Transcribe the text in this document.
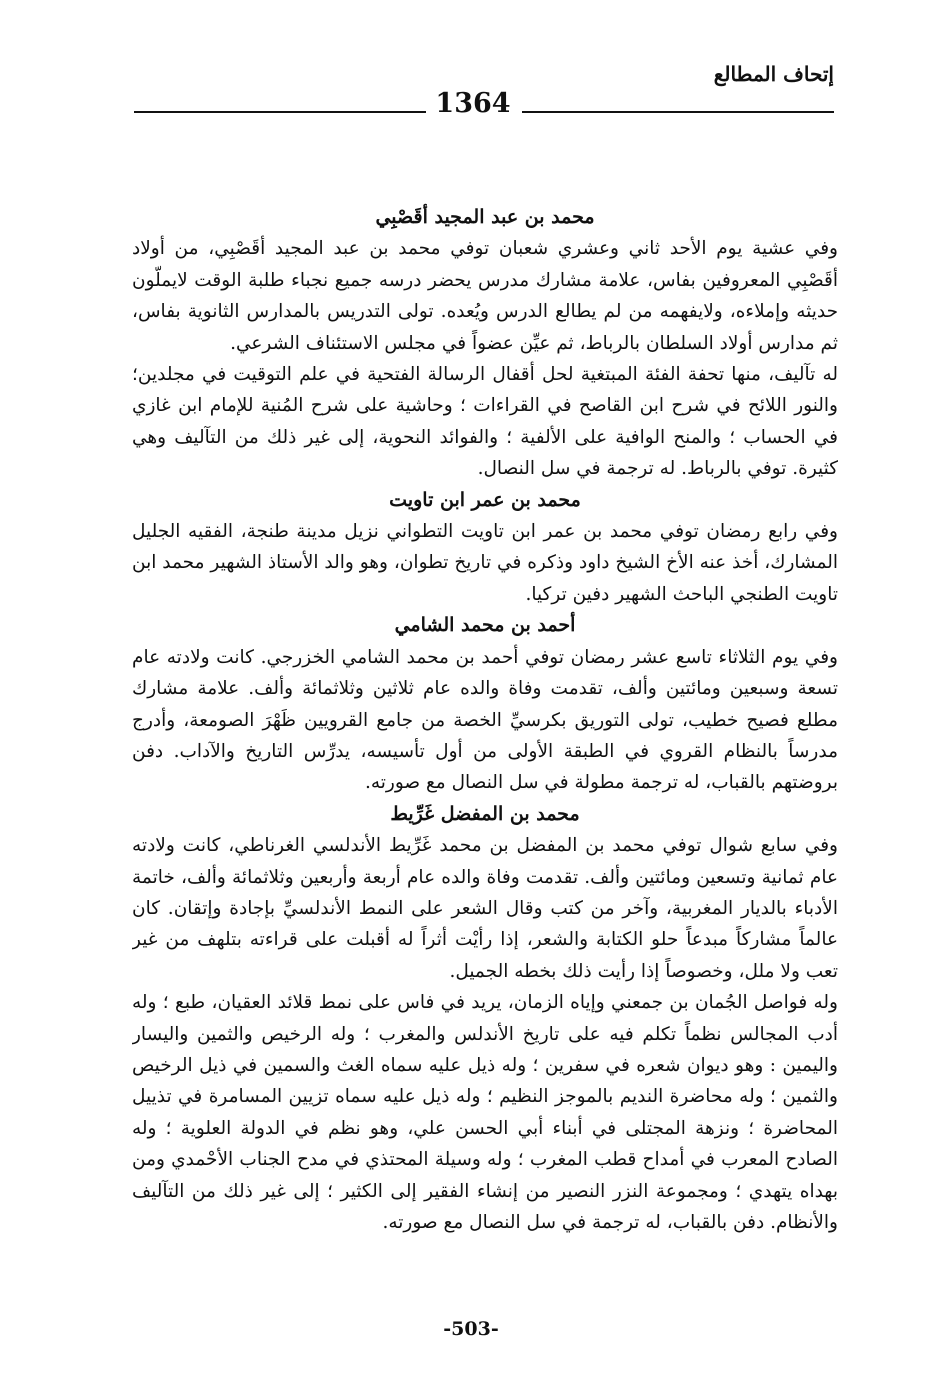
إتحاف المطالع
1364
محمد بن عبد المجيد أقَصْبِي

وفي عشية يوم الأحد ثاني وعشري شعبان توفي محمد بن عبد المجيد أقَصْبِي، من أولاد أقَصْبِي المعروفين بفاس، علامة مشارك مدرس يحضر درسه جميع نجباء طلبة الوقت لايملّون حديثه وإملاءه، ولايفهمه من لم يطالع الدرس ويُعده. تولى التدريس بالمدارس الثانوية بفاس، ثم مدارس أولاد السلطان بالرباط، ثم عيِّن عضواً في مجلس الاستئناف الشرعي.

له تآليف، منها تحفة الفئة المبتغية لحل أقفال الرسالة الفتحية في علم التوقيت في مجلدين؛ والنور اللائح في شرح ابن القاصح في القراءات ؛ وحاشية على شرح المُنية للإمام ابن غازي في الحساب ؛ والمنح الوافية على الألفية ؛ والفوائد النحوية، إلى غير ذلك من التآليف وهي كثيرة. توفي بالرباط. له ترجمة في سل النصال.

محمد بن عمر ابن تاويت

وفي رابع رمضان توفي محمد بن عمر ابن تاويت التطواني نزيل مدينة طنجة، الفقيه الجليل المشارك، أخذ عنه الأخ الشيخ داود وذكره في تاريخ تطوان، وهو والد الأستاذ الشهير محمد ابن تاويت الطنجي الباحث الشهير دفين تركيا.

أحمد بن محمد الشامي

وفي يوم الثلاثاء تاسع عشر رمضان توفي أحمد بن محمد الشامي الخزرجي. كانت ولادته عام تسعة وسبعين ومائتين وألف، تقدمت وفاة والده عام ثلاثين وثلاثمائة وألف. علامة مشارك مطلع فصيح خطيب، تولى التوريق بكرسيِّ الخصة من جامع القرويين ظَهْرَ الصومعة، وأدرج مدرساً بالنظام القروي في الطبقة الأولى من أول تأسيسه، يدرِّس التاريخ والآداب. دفن بروضتهم بالقباب، له ترجمة مطولة في سل النصال مع صورته.

محمد بن المفضل غَرِّيط

وفي سابع شوال توفي محمد بن المفضل بن محمد غَرِّيط الأندلسي الغرناطي، كانت ولادته عام ثمانية وتسعين ومائتين وألف. تقدمت وفاة والده عام أربعة وأربعين وثلاثمائة وألف، خاتمة الأدباء بالديار المغربية، وآخر من كتب وقال الشعر على النمط الأندلسيِّ بإجادة وإتقان. كان عالماً مشاركاً مبدعاً حلو الكتابة والشعر، إذا رأيْت أثراً له أقبلت على قراءته بتلهف من غير تعب ولا ملل، وخصوصاً إذا رأيت ذلك بخطه الجميل.

وله فواصل الجُمان بن جمعني وإياه الزمان، يريد في فاس على نمط قلائد العقيان، طبع ؛ وله أدب المجالس نظماً تكلم فيه على تاريخ الأندلس والمغرب ؛ وله الرخيص والثمين واليسار واليمين : وهو ديوان شعره في سفرين ؛ وله ذيل عليه سماه الغث والسمين في ذيل الرخيص والثمين ؛ وله محاضرة النديم بالموجز النظيم ؛ وله ذيل عليه سماه تزيين المسامرة في تذييل المحاضرة ؛ ونزهة المجتلى في أبناء أبي الحسن علي، وهو نظم في الدولة العلوية ؛ وله الصادح المعرب في أمداح قطب المغرب ؛ وله وسيلة المحتذي في مدح الجناب الأحْمدي ومن بهداه يتهدي ؛ ومجموعة النزر النصير من إنشاء الفقير إلى الكثير ؛ إلى غير ذلك من التآليف والأنظام. دفن بالقباب، له ترجمة في سل النصال مع صورته.

-503-
